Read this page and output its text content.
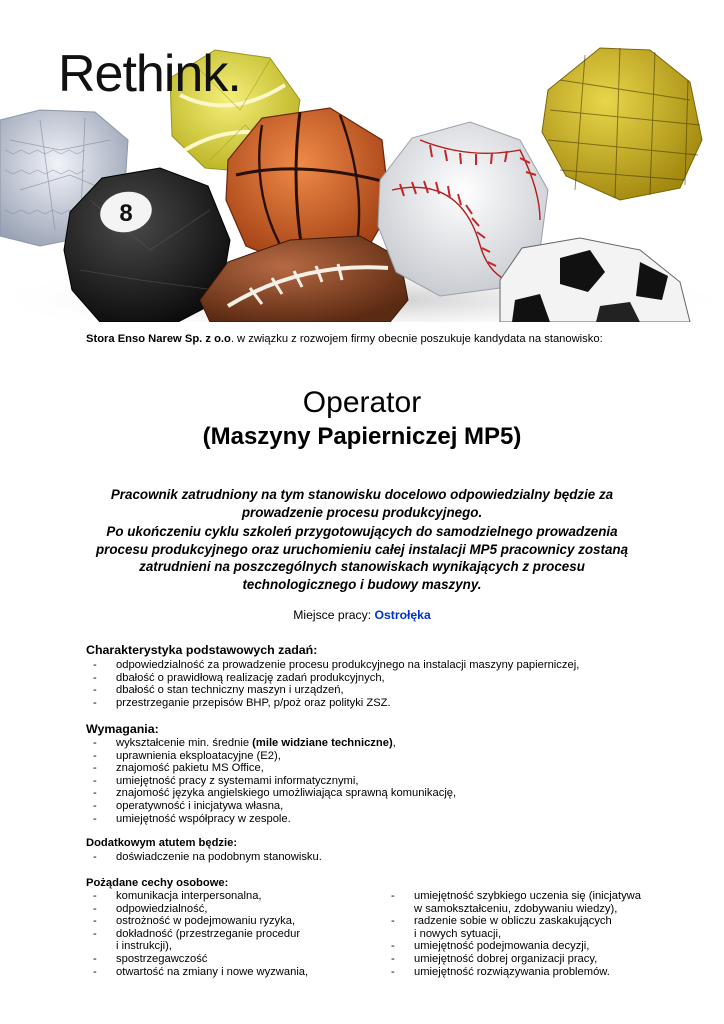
8
Rethink.
Stora Enso Narew Sp. z o.o. w związku z rozwojem firmy obecnie poszukuje kandydata na stanowisko:
Operator
(Maszyny Papierniczej MP5)
Pracownik zatrudniony na tym stanowisku docelowo odpowiedzialny będzie za
prowadzenie procesu produkcyjnego.
Po ukończeniu cyklu szkoleń przygotowujących do samodzielnego prowadzenia
procesu produkcyjnego oraz uruchomieniu całej instalacji MP5 pracownicy zostaną
zatrudnieni na poszczególnych stanowiskach wynikających z procesu
technologicznego i budowy maszyny.
Miejsce pracy: Ostrołęka
Charakterystyka podstawowych zadań:
- odpowiedzialność za prowadzenie procesu produkcyjnego na instalacji maszyny papierniczej,
- dbałość o prawidłową realizację zadań produkcyjnych,
- dbałość o stan techniczny maszyn i urządzeń,
- przestrzeganie przepisów BHP, p/poż oraz polityki ZSZ.
Wymagania:
- wykształcenie min. średnie (mile widziane techniczne),
- uprawnienia eksploatacyjne (E2),
- znajomość pakietu MS Office,
- umiejętność pracy z systemami informatycznymi,
- znajomość języka angielskiego umożliwiająca sprawną komunikację,
- operatywność i inicjatywa własna,
- umiejętność współpracy w zespole.
Dodatkowym atutem będzie:
- doświadczenie na podobnym stanowisku.
Pożądane cechy osobowe:
- komunikacja interpersonalna,
- odpowiedzialność,
- ostrożność w podejmowaniu ryzyka,
- dokładność (przestrzeganie procedur
i instrukcji),
- spostrzegawczość
- otwartość na zmiany i nowe wyzwania,
- umiejętność szybkiego uczenia się (inicjatywa
w samokształceniu, zdobywaniu wiedzy),
- radzenie sobie w obliczu zaskakujących
i nowych sytuacji,
- umiejętność podejmowania decyzji,
- umiejętność dobrej organizacji pracy,
- umiejętność rozwiązywania problemów.
